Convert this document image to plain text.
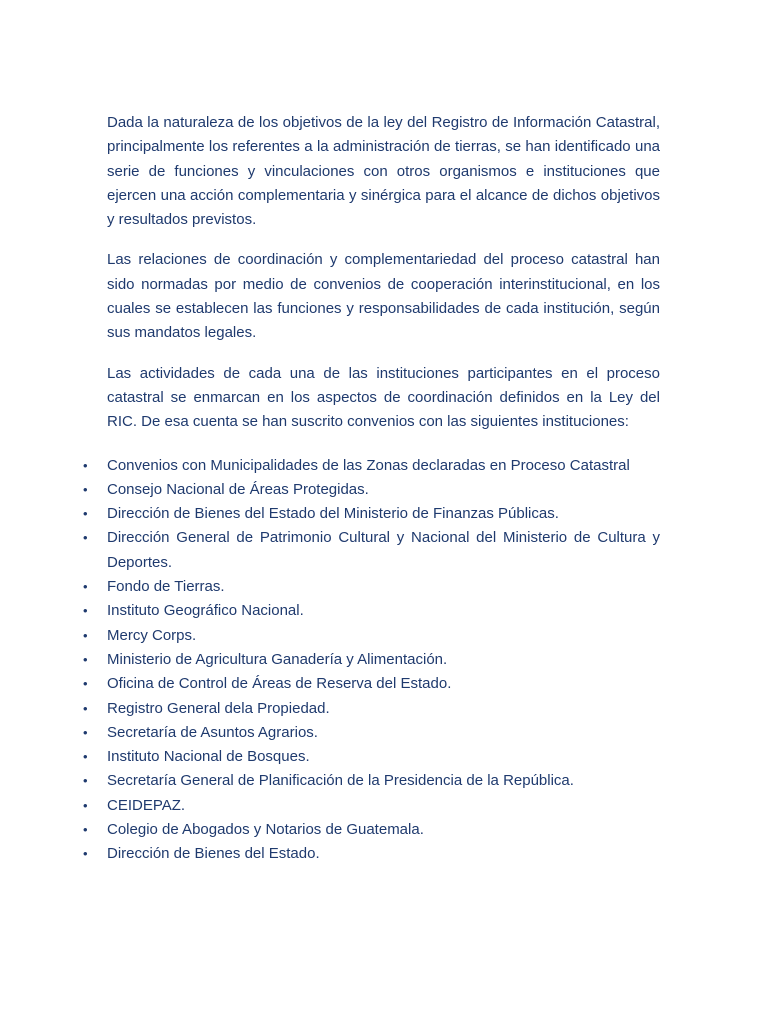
Dada la naturaleza de los objetivos de la ley del Registro de Información Catastral, principalmente los referentes a la administración de tierras, se han identificado una serie de funciones y vinculaciones con otros organismos e instituciones que ejercen una acción complementaria y sinérgica para el alcance de dichos objetivos y resultados previstos.

Las relaciones de coordinación y complementariedad del proceso catastral han sido normadas por medio de convenios de cooperación interinstitucional, en los cuales se establecen las funciones y responsabilidades de cada institución, según sus mandatos legales.

Las actividades de cada una de las instituciones participantes en el proceso catastral se enmarcan en los aspectos de coordinación definidos en la Ley del RIC. De esa cuenta se han suscrito convenios con las siguientes instituciones:

•	Convenios con Municipalidades de las Zonas declaradas en Proceso Catastral
•	Consejo Nacional de Áreas Protegidas.
•	Dirección de Bienes del Estado del Ministerio de Finanzas Públicas.
•	Dirección General de Patrimonio Cultural y Nacional del Ministerio de Cultura y Deportes.
•	Fondo de Tierras.
•	Instituto Geográfico Nacional.
•	Mercy Corps.
•	Ministerio de Agricultura Ganadería y Alimentación.
•	Oficina de Control de Áreas de Reserva del Estado.
•	Registro General dela Propiedad.
•	Secretaría de Asuntos Agrarios.
•	Instituto Nacional de Bosques.
•	Secretaría General de Planificación de la Presidencia de la República.
•	CEIDEPAZ.
•	Colegio de Abogados y Notarios de Guatemala.
•	Dirección de Bienes del Estado.
